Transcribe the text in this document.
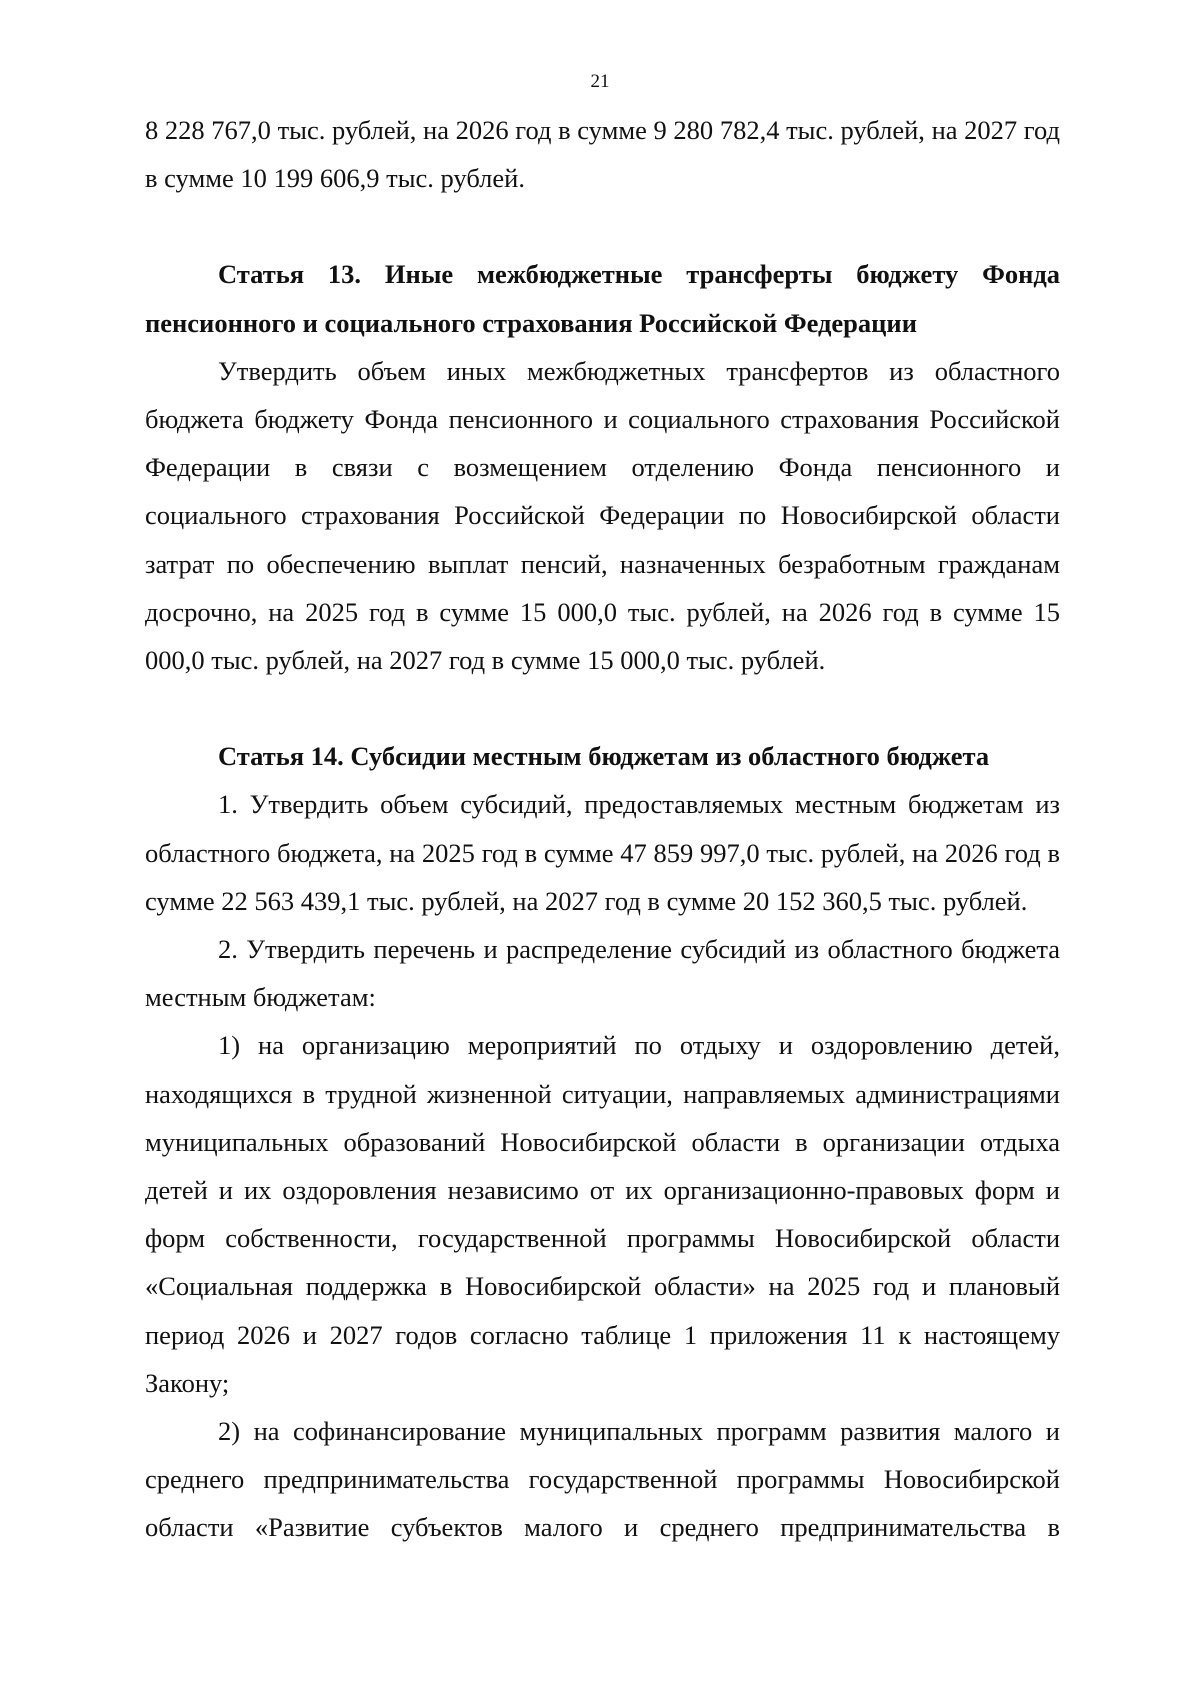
21

8 228 767,0 тыс. рублей, на 2026 год в сумме 9 280 782,4 тыс. рублей, на 2027 год в сумме 10 199 606,9 тыс. рублей.

Статья 13. Иные межбюджетные трансферты бюджету Фонда пенсионного и социального страхования Российской Федерации

Утвердить объем иных межбюджетных трансфертов из областного бюджета бюджету Фонда пенсионного и социального страхования Российской Федерации в связи с возмещением отделению Фонда пенсионного и социального страхования Российской Федерации по Новосибирской области затрат по обеспечению выплат пенсий, назначенных безработным гражданам досрочно, на 2025 год в сумме 15 000,0 тыс. рублей, на 2026 год в сумме 15 000,0 тыс. рублей, на 2027 год в сумме 15 000,0 тыс. рублей.

Статья 14. Субсидии местным бюджетам из областного бюджета

1. Утвердить объем субсидий, предоставляемых местным бюджетам из областного бюджета, на 2025 год в сумме 47 859 997,0 тыс. рублей, на 2026 год в сумме 22 563 439,1 тыс. рублей, на 2027 год в сумме 20 152 360,5 тыс. рублей.

2. Утвердить перечень и распределение субсидий из областного бюджета местным бюджетам:

1) на организацию мероприятий по отдыху и оздоровлению детей, находящихся в трудной жизненной ситуации, направляемых администрациями муниципальных образований Новосибирской области в организации отдыха детей и их оздоровления независимо от их организационно-правовых форм и форм собственности, государственной программы Новосибирской области «Социальная поддержка в Новосибирской области» на 2025 год и плановый период 2026 и 2027 годов согласно таблице 1 приложения 11 к настоящему Закону;

2) на софинансирование муниципальных программ развития малого и среднего предпринимательства государственной программы Новосибирской области «Развитие субъектов малого и среднего предпринимательства в
